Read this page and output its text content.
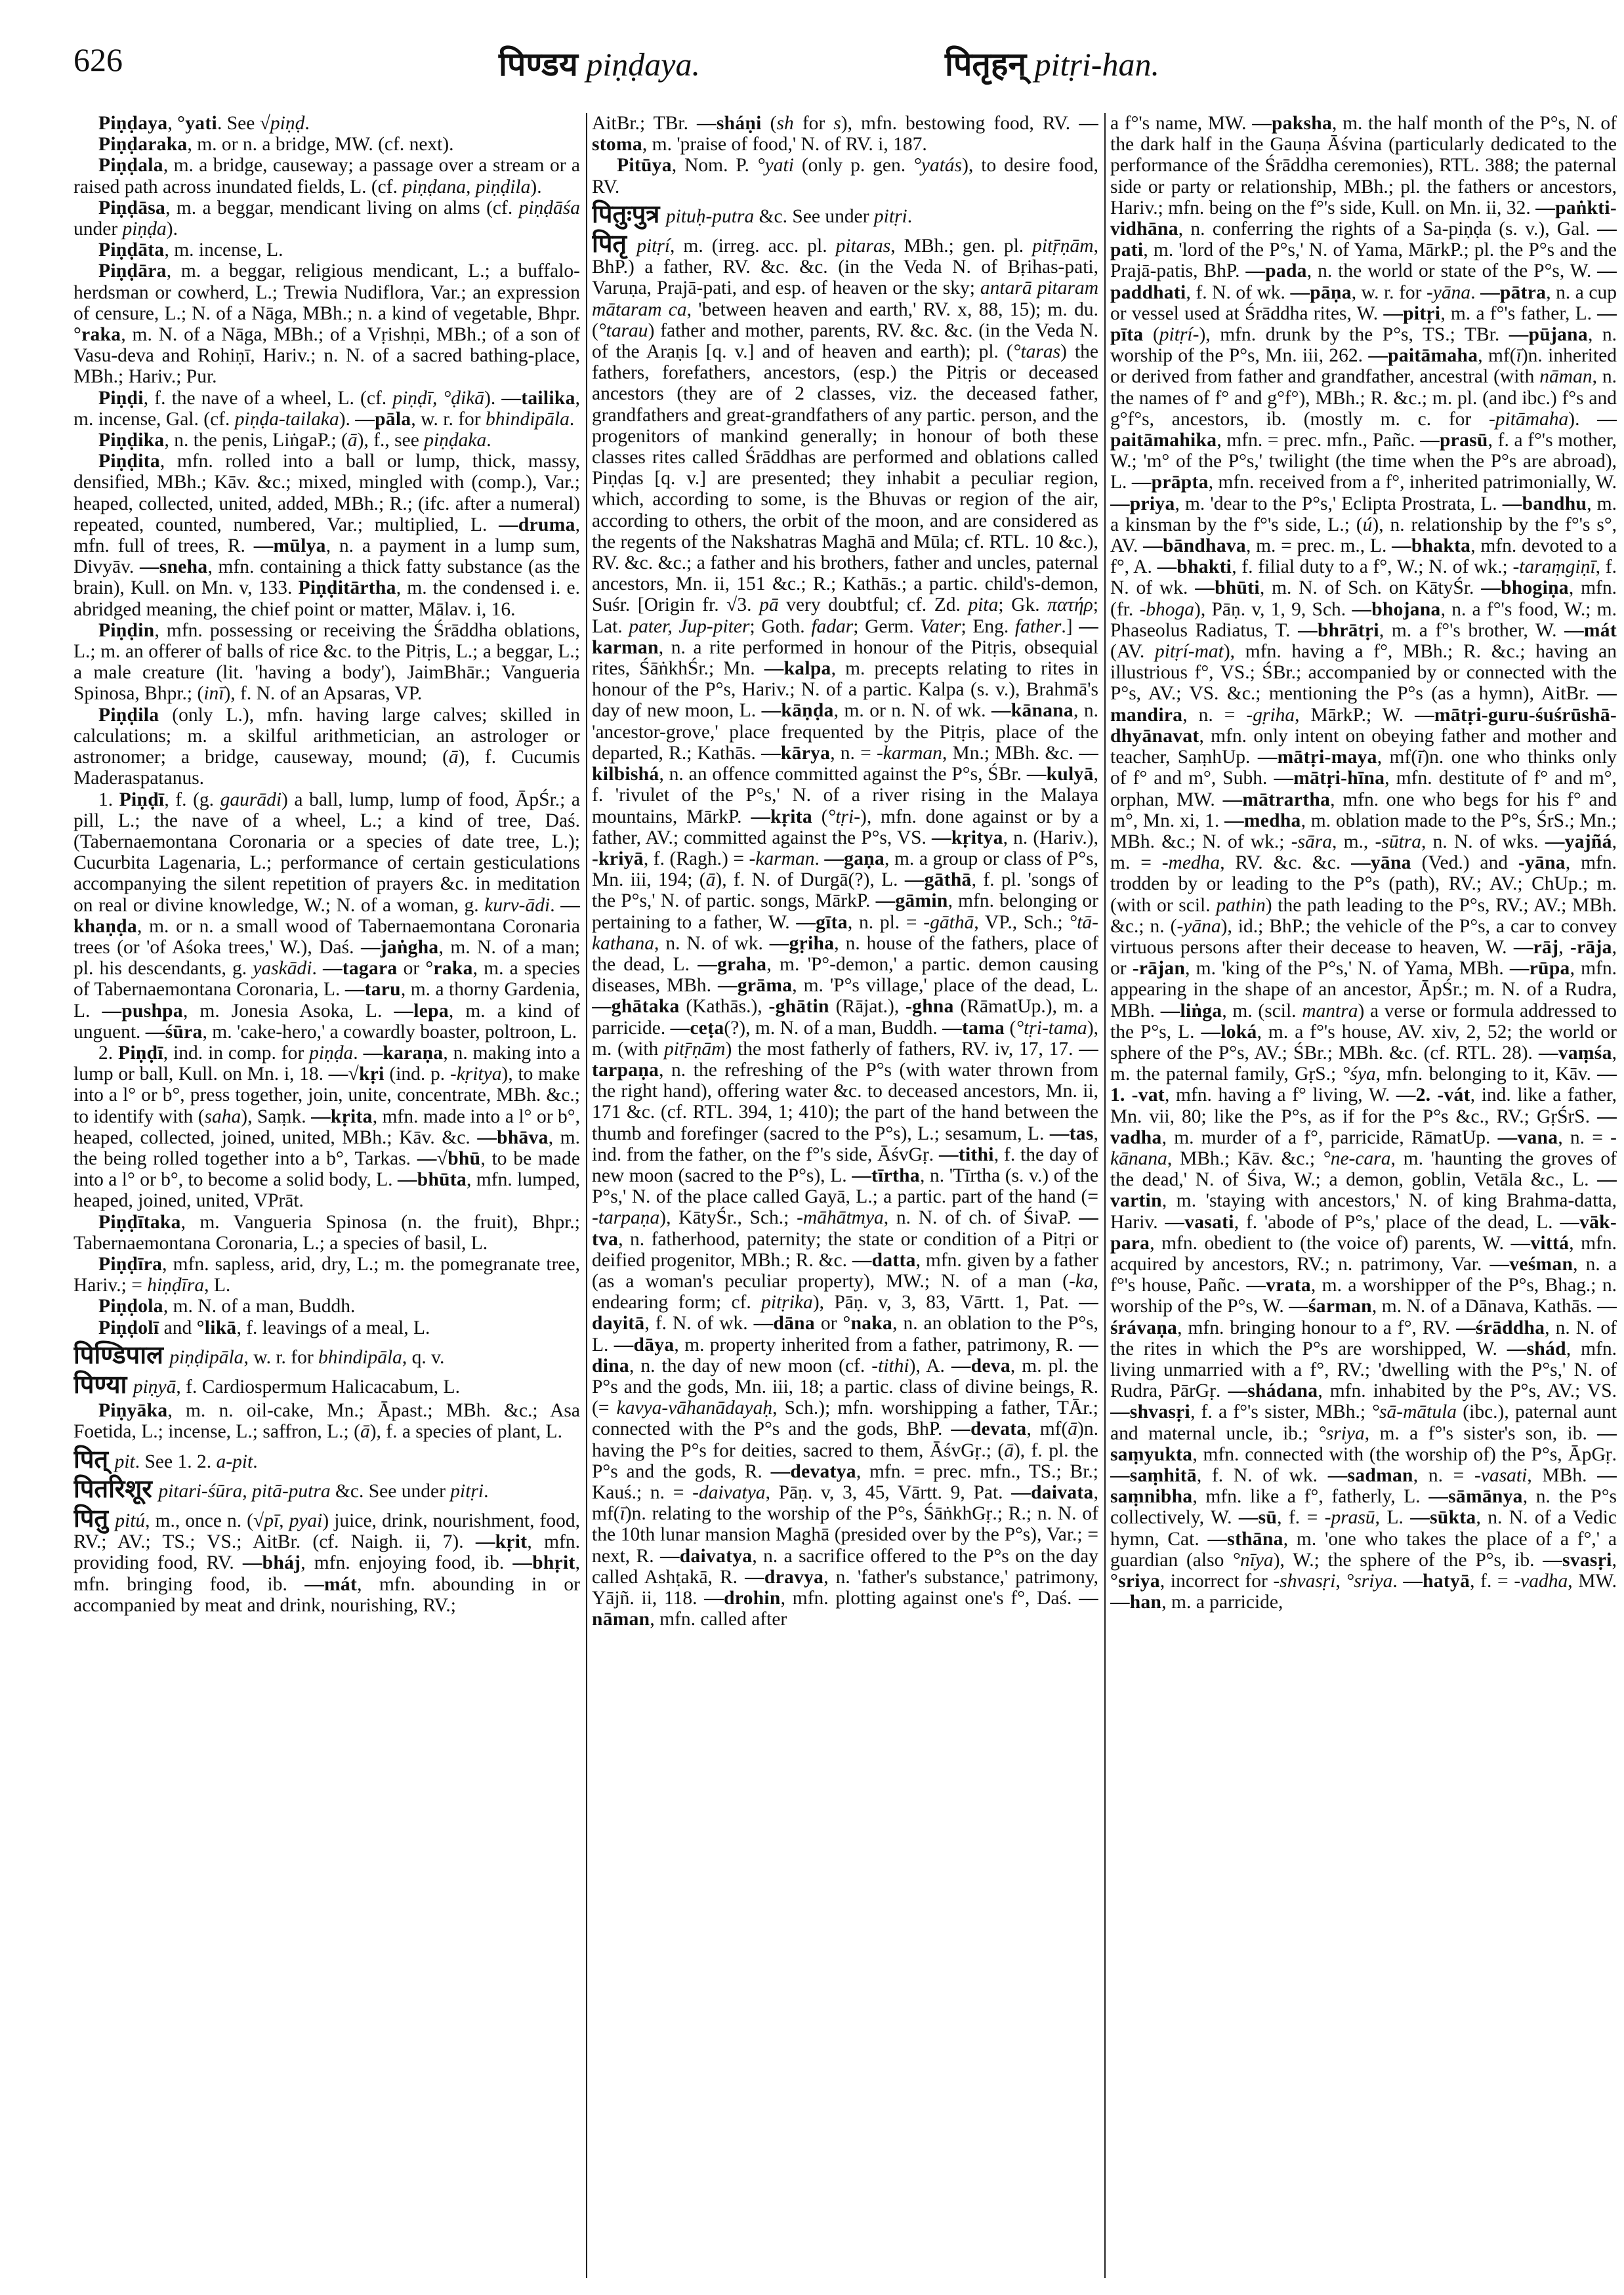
626	पिण्डय piṇḍaya.	पितृहन् pitṛi-han.

Piṇḍaya, °yati. See √piṇḍ.

Piṇḍaraka, m. or n. a bridge, MW. (cf. next).

Piṇḍala, m. a bridge, causeway; a passage over a stream or a raised path across inundated fields, L. (cf. piṇḍana, piṇḍila).

Piṇḍāsa, m. a beggar, mendicant living on alms (cf. piṇḍāśa under piṇḍa).

Piṇḍāta, m. incense, L.

Piṇḍāra, m. a beggar, religious mendicant, L.; a buffalo-herdsman or cowherd, L.; Trewia Nudiflora, Var.; an expression of censure, L.; N. of a Nāga, MBh.; n. a kind of vegetable, Bhpr. °raka, m. N. of a Nāga, MBh.; of a Vṛishṇi, MBh.; of a son of Vasu-deva and Rohiṇī, Hariv.; n. N. of a sacred bathing-place, MBh.; Hariv.; Pur.

Piṇḍi, f. the nave of a wheel, L. (cf. piṇḍī, °ḍikā). —tailika, m. incense, Gal. (cf. piṇḍa-tailaka). —pāla, w. r. for bhindipāla.

Piṇḍika, n. the penis, LiṅgaP.; (ā), f., see piṇḍaka.

Piṇḍita, mfn. rolled into a ball or lump, thick, massy, densified, MBh.; Kāv. &c.; mixed, mingled with (comp.), Var.; heaped, collected, united, added, MBh.; R.; (ifc. after a numeral) repeated, counted, numbered, Var.; multiplied, L. —druma, mfn. full of trees, R. —mūlya, n. a payment in a lump sum, Divyāv. —sneha, mfn. containing a thick fatty substance (as the brain), Kull. on Mn. v, 133. Piṇḍitārtha, m. the condensed i. e. abridged meaning, the chief point or matter, Mālav. i, 16.

Piṇḍin, mfn. possessing or receiving the Śrāddha oblations, L.; m. an offerer of balls of rice &c. to the Pitṛis, L.; a beggar, L.; a male creature (lit. 'having a body'), JaimBhār.; Vangueria Spinosa, Bhpr.; (inī), f. N. of an Apsaras, VP.

Piṇḍila (only L.), mfn. having large calves; skilled in calculations; m. a skilful arithmetician, an astrologer or astronomer; a bridge, causeway, mound; (ā), f. Cucumis Maderaspatanus.

1. Piṇḍī, f. (g. gaurādi) a ball, lump, lump of food, ĀpŚr.; a pill, L.; the nave of a wheel, L.; a kind of tree, Daś. (Tabernaemontana Coronaria or a species of date tree, L.); Cucurbita Lagenaria, L.; performance of certain gesticulations accompanying the silent repetition of prayers &c. in meditation on real or divine knowledge, W.; N. of a woman, g. kurv-ādi. —khaṇḍa, m. or n. a small wood of Tabernaemontana Coronaria trees (or 'of Aśoka trees,' W.), Daś. —jaṅgha, m. N. of a man; pl. his descendants, g. yaskādi. —tagara or °raka, m. a species of Tabernaemontana Coronaria, L. —taru, m. a thorny Gardenia, L. —pushpa, m. Jonesia Asoka, L. —lepa, m. a kind of unguent. —śūra, m. 'cake-hero,' a cowardly boaster, poltroon, L.

2. Piṇḍī, ind. in comp. for piṇḍa. —karaṇa, n. making into a lump or ball, Kull. on Mn. i, 18. —√kṛi (ind. p. -kṛitya), to make into a l° or b°, press together, join, unite, concentrate, MBh. &c.; to identify with (saha), Saṃk. —kṛita, mfn. made into a l° or b°, heaped, collected, joined, united, MBh.; Kāv. &c. —bhāva, m. the being rolled together into a b°, Tarkas. —√bhū, to be made into a l° or b°, to become a solid body, L. —bhūta, mfn. lumped, heaped, joined, united, VPrāt.

Piṇḍītaka, m. Vangueria Spinosa (n. the fruit), Bhpr.; Tabernaemontana Coronaria, L.; a species of basil, L.

Piṇḍīra, mfn. sapless, arid, dry, L.; m. the pomegranate tree, Hariv.; = hiṇḍīra, L.

Piṇḍola, m. N. of a man, Buddh.

Piṇḍolī and °likā, f. leavings of a meal, L.

पिण्डिपाल piṇḍipāla, w. r. for bhindipāla, q. v.

पिण्या piṇyā, f. Cardiospermum Halicacabum, L.

Piṇyāka, m. n. oil-cake, Mn.; Āpast.; MBh. &c.; Asa Foetida, L.; incense, L.; saffron, L.; (ā), f. a species of plant, L.

पित् pit. See 1. 2. a-pit.

पितरिशूर pitari-śūra, pitā-putra &c. See under pitṛi.

पितु pitú, m., once n. (√pī, pyai) juice, drink, nourishment, food, RV.; AV.; TS.; VS.; AitBr. (cf. Naigh. ii, 7). —kṛit, mfn. providing food, RV. —bháj, mfn. enjoying food, ib. —bhṛit, mfn. bringing food, ib. —mát, mfn. abounding in or accompanied by meat and drink, nourishing, RV.;

AitBr.; TBr. —sháṇi (sh for s), mfn. bestowing food, RV. —stoma, m. 'praise of food,' N. of RV. i, 187.

Pitūya, Nom. P. °yati (only p. gen. °yatás), to desire food, RV.

पितुःपुत्र pituḥ-putra &c. See under pitṛi.

पितृ pitṛí, m. (irreg. acc. pl. pitaras, MBh.; gen. pl. pitṝṇām, BhP.) a father, RV. &c. &c. (in the Veda N. of Bṛihas-pati, Varuṇa, Prajā-pati, and esp. of heaven or the sky; antarā pitaram mātaram ca, 'between heaven and earth,' RV. x, 88, 15); m. du. (°tarau) father and mother, parents, RV. &c. &c. (in the Veda N. of the Araṇis [q. v.] and of heaven and earth); pl. (°taras) the fathers, forefathers, ancestors, (esp.) the Pitṛis or deceased ancestors (they are of 2 classes, viz. the deceased father, grandfathers and great-grandfathers of any partic. person, and the progenitors of mankind generally; in honour of both these classes rites called Śrāddhas are performed and oblations called Piṇḍas [q. v.] are presented; they inhabit a peculiar region, which, according to some, is the Bhuvas or region of the air, according to others, the orbit of the moon, and are considered as the regents of the Nakshatras Maghā and Mūla; cf. RTL. 10 &c.), RV. &c. &c.; a father and his brothers, father and uncles, paternal ancestors, Mn. ii, 151 &c.; R.; Kathās.; a partic. child's-demon, Suśr. [Origin fr. √3. pā very doubtful; cf. Zd. pita; Gk. πατήρ; Lat. pater, Jup-piter; Goth. fadar; Germ. Vater; Eng. father.] —karman, n. a rite performed in honour of the Pitṛis, obsequial rites, ŚāṅkhŚr.; Mn. —kalpa, m. precepts relating to rites in honour of the P°s, Hariv.; N. of a partic. Kalpa (s. v.), Brahmā's day of new moon, L. —kāṇḍa, m. or n. N. of wk. —kānana, n. 'ancestor-grove,' place frequented by the Pitṛis, place of the departed, R.; Kathās. —kārya, n. = -karman, Mn.; MBh. &c. —kilbishá, n. an offence committed against the P°s, ŚBr. —kulyā, f. 'rivulet of the P°s,' N. of a river rising in the Malaya mountains, MārkP. —kṛita (°tṛi-), mfn. done against or by a father, AV.; committed against the P°s, VS. —kṛitya, n. (Hariv.), -kriyā, f. (Ragh.) = -karman. —gaṇa, m. a group or class of P°s, Mn. iii, 194; (ā), f. N. of Durgā(?), L. —gāthā, f. pl. 'songs of the P°s,' N. of partic. songs, MārkP. —gāmin, mfn. belonging or pertaining to a father, W. —gīta, n. pl. = -gāthā, VP., Sch.; °tā-kathana, n. N. of wk. —gṛiha, n. house of the fathers, place of the dead, L. —graha, m. 'P°-demon,' a partic. demon causing diseases, MBh. —grāma, m. 'P°s village,' place of the dead, L. —ghātaka (Kathās.), -ghātin (Rājat.), -ghna (RāmatUp.), m. a parricide. —ceṭa(?), m. N. of a man, Buddh. —tama (°tṛi-tama), m. (with pitṝṇām) the most fatherly of fathers, RV. iv, 17, 17. —tarpaṇa, n. the refreshing of the P°s (with water thrown from the right hand), offering water &c. to deceased ancestors, Mn. ii, 171 &c. (cf. RTL. 394, 1; 410); the part of the hand between the thumb and forefinger (sacred to the P°s), L.; sesamum, L. —tas, ind. from the father, on the f°'s side, ĀśvGṛ. —tithi, f. the day of new moon (sacred to the P°s), L. —tīrtha, n. 'Tīrtha (s. v.) of the P°s,' N. of the place called Gayā, L.; a partic. part of the hand (= -tarpaṇa), KātyŚr., Sch.; -māhātmya, n. N. of ch. of ŚivaP. —tva, n. fatherhood, paternity; the state or condition of a Pitṛi or deified progenitor, MBh.; R. &c. —datta, mfn. given by a father (as a woman's peculiar property), MW.; N. of a man (-ka, endearing form; cf. pitṛika), Pāṇ. v, 3, 83, Vārtt. 1, Pat. —dayitā, f. N. of wk. —dāna or °naka, n. an oblation to the P°s, L. —dāya, m. property inherited from a father, patrimony, R. —dina, n. the day of new moon (cf. -tithi), A. —deva, m. pl. the P°s and the gods, Mn. iii, 18; a partic. class of divine beings, R. (= kavya-vāhanādayaḥ, Sch.); mfn. worshipping a father, TĀr.; connected with the P°s and the gods, BhP. —devata, mf(ā)n. having the P°s for deities, sacred to them, ĀśvGṛ.; (ā), f. pl. the P°s and the gods, R. —devatya, mfn. = prec. mfn., TS.; Br.; Kauś.; n. = -daivatya, Pāṇ. v, 3, 45, Vārtt. 9, Pat. —daivata, mf(ī)n. relating to the worship of the P°s, ŚāṅkhGṛ.; R.; n. N. of the 10th lunar mansion Maghā (presided over by the P°s), Var.; = next, R. —daivatya, n. a sacrifice offered to the P°s on the day called Ashṭakā, R. —dravya, n. 'father's substance,' patrimony, Yājñ. ii, 118. —drohin, mfn. plotting against one's f°, Daś. —nāman, mfn. called after

a f°'s name, MW. —paksha, m. the half month of the P°s, N. of the dark half in the Gauṇa Āśvina (particularly dedicated to the performance of the Śrāddha ceremonies), RTL. 388; the paternal side or party or relationship, MBh.; pl. the fathers or ancestors, Hariv.; mfn. being on the f°'s side, Kull. on Mn. ii, 32. —paṅkti-vidhāna, n. conferring the rights of a Sa-piṇḍa (s. v.), Gal. —pati, m. 'lord of the P°s,' N. of Yama, MārkP.; pl. the P°s and the Prajā-patis, BhP. —pada, n. the world or state of the P°s, W. —paddhati, f. N. of wk. —pāṇa, w. r. for -yāna. —pātra, n. a cup or vessel used at Śrāddha rites, W. —pitṛi, m. a f°'s father, L. —pīta (pitṛí-), mfn. drunk by the P°s, TS.; TBr. —pūjana, n. worship of the P°s, Mn. iii, 262. —paitāmaha, mf(ī)n. inherited or derived from father and grandfather, ancestral (with nāman, n. the names of f° and g°f°), MBh.; R. &c.; m. pl. (and ibc.) f°s and g°f°s, ancestors, ib. (mostly m. c. for -pitāmaha). —paitāmahika, mfn. = prec. mfn., Pañc. —prasū, f. a f°'s mother, W.; 'm° of the P°s,' twilight (the time when the P°s are abroad), L. —prāpta, mfn. received from a f°, inherited patrimonially, W. —priya, m. 'dear to the P°s,' Eclipta Prostrata, L. —bandhu, m. a kinsman by the f°'s side, L.; (ú), n. relationship by the f°'s s°, AV. —bāndhava, m. = prec. m., L. —bhakta, mfn. devoted to a f°, A. —bhakti, f. filial duty to a f°, W.; N. of wk.; -taraṃgiṇī, f. N. of wk. —bhūti, m. N. of Sch. on KātyŚr. —bhogiṇa, mfn. (fr. -bhoga), Pāṇ. v, 1, 9, Sch. —bhojana, n. a f°'s food, W.; m. Phaseolus Radiatus, T. —bhrātṛi, m. a f°'s brother, W. —mát (AV. pitṛí-mat), mfn. having a f°, MBh.; R. &c.; having an illustrious f°, VS.; ŚBr.; accompanied by or connected with the P°s, AV.; VS. &c.; mentioning the P°s (as a hymn), AitBr. —mandira, n. = -gṛiha, MārkP.; W. —mātṛi-guru-śuśrūshā-dhyānavat, mfn. only intent on obeying father and mother and teacher, SaṃhUp. —mātṛi-maya, mf(ī)n. one who thinks only of f° and m°, Subh. —mātṛi-hīna, mfn. destitute of f° and m°, orphan, MW. —mātrartha, mfn. one who begs for his f° and m°, Mn. xi, 1. —medha, m. oblation made to the P°s, ŚrS.; Mn.; MBh. &c.; N. of wk.; -sāra, m., -sūtra, n. N. of wks. —yajñá, m. = -medha, RV. &c. &c. —yāna (Ved.) and -yāna, mfn. trodden by or leading to the P°s (path), RV.; AV.; ChUp.; m. (with or scil. pathin) the path leading to the P°s, RV.; AV.; MBh. &c.; n. (-yāna), id.; BhP.; the vehicle of the P°s, a car to convey virtuous persons after their decease to heaven, W. —rāj, -rāja, or -rājan, m. 'king of the P°s,' N. of Yama, MBh. —rūpa, mfn. appearing in the shape of an ancestor, ĀpŚr.; m. N. of a Rudra, MBh. —liṅga, m. (scil. mantra) a verse or formula addressed to the P°s, L. —loká, m. a f°'s house, AV. xiv, 2, 52; the world or sphere of the P°s, AV.; ŚBr.; MBh. &c. (cf. RTL. 28). —vaṃśa, m. the paternal family, GṛS.; °śya, mfn. belonging to it, Kāv. —1. -vat, mfn. having a f° living, W. —2. -vát, ind. like a father, Mn. vii, 80; like the P°s, as if for the P°s &c., RV.; GṛŚrS. —vadha, m. murder of a f°, parricide, RāmatUp. —vana, n. = -kānana, MBh.; Kāv. &c.; °ne-cara, m. 'haunting the groves of the dead,' N. of Śiva, W.; a demon, goblin, Vetāla &c., L. —vartin, m. 'staying with ancestors,' N. of king Brahma-datta, Hariv. —vasati, f. 'abode of P°s,' place of the dead, L. —vāk-para, mfn. obedient to (the voice of) parents, W. —vittá, mfn. acquired by ancestors, RV.; n. patrimony, Var. —veśman, n. a f°'s house, Pañc. —vrata, m. a worshipper of the P°s, Bhag.; n. worship of the P°s, W. —śarman, m. N. of a Dānava, Kathās. —śrávaṇa, mfn. bringing honour to a f°, RV. —śrāddha, n. N. of the rites in which the P°s are worshipped, W. —shád, mfn. living unmarried with a f°, RV.; 'dwelling with the P°s,' N. of Rudra, PārGṛ. —shádana, mfn. inhabited by the P°s, AV.; VS. —shvasṛi, f. a f°'s sister, MBh.; °sā-mātula (ibc.), paternal aunt and maternal uncle, ib.; °sriya, m. a f°'s sister's son, ib. —saṃyukta, mfn. connected with (the worship of) the P°s, ĀpGṛ. —saṃhitā, f. N. of wk. —sadman, n. = -vasati, MBh. —saṃnibha, mfn. like a f°, fatherly, L. —sāmānya, n. the P°s collectively, W. —sū, f. = -prasū, L. —sūkta, n. N. of a Vedic hymn, Cat. —sthāna, m. 'one who takes the place of a f°,' a guardian (also °nīya), W.; the sphere of the P°s, ib. —svasṛi, °sriya, incorrect for -shvasṛi, °sriya. —hatyā, f. = -vadha, MW. —han, m. a parricide,
